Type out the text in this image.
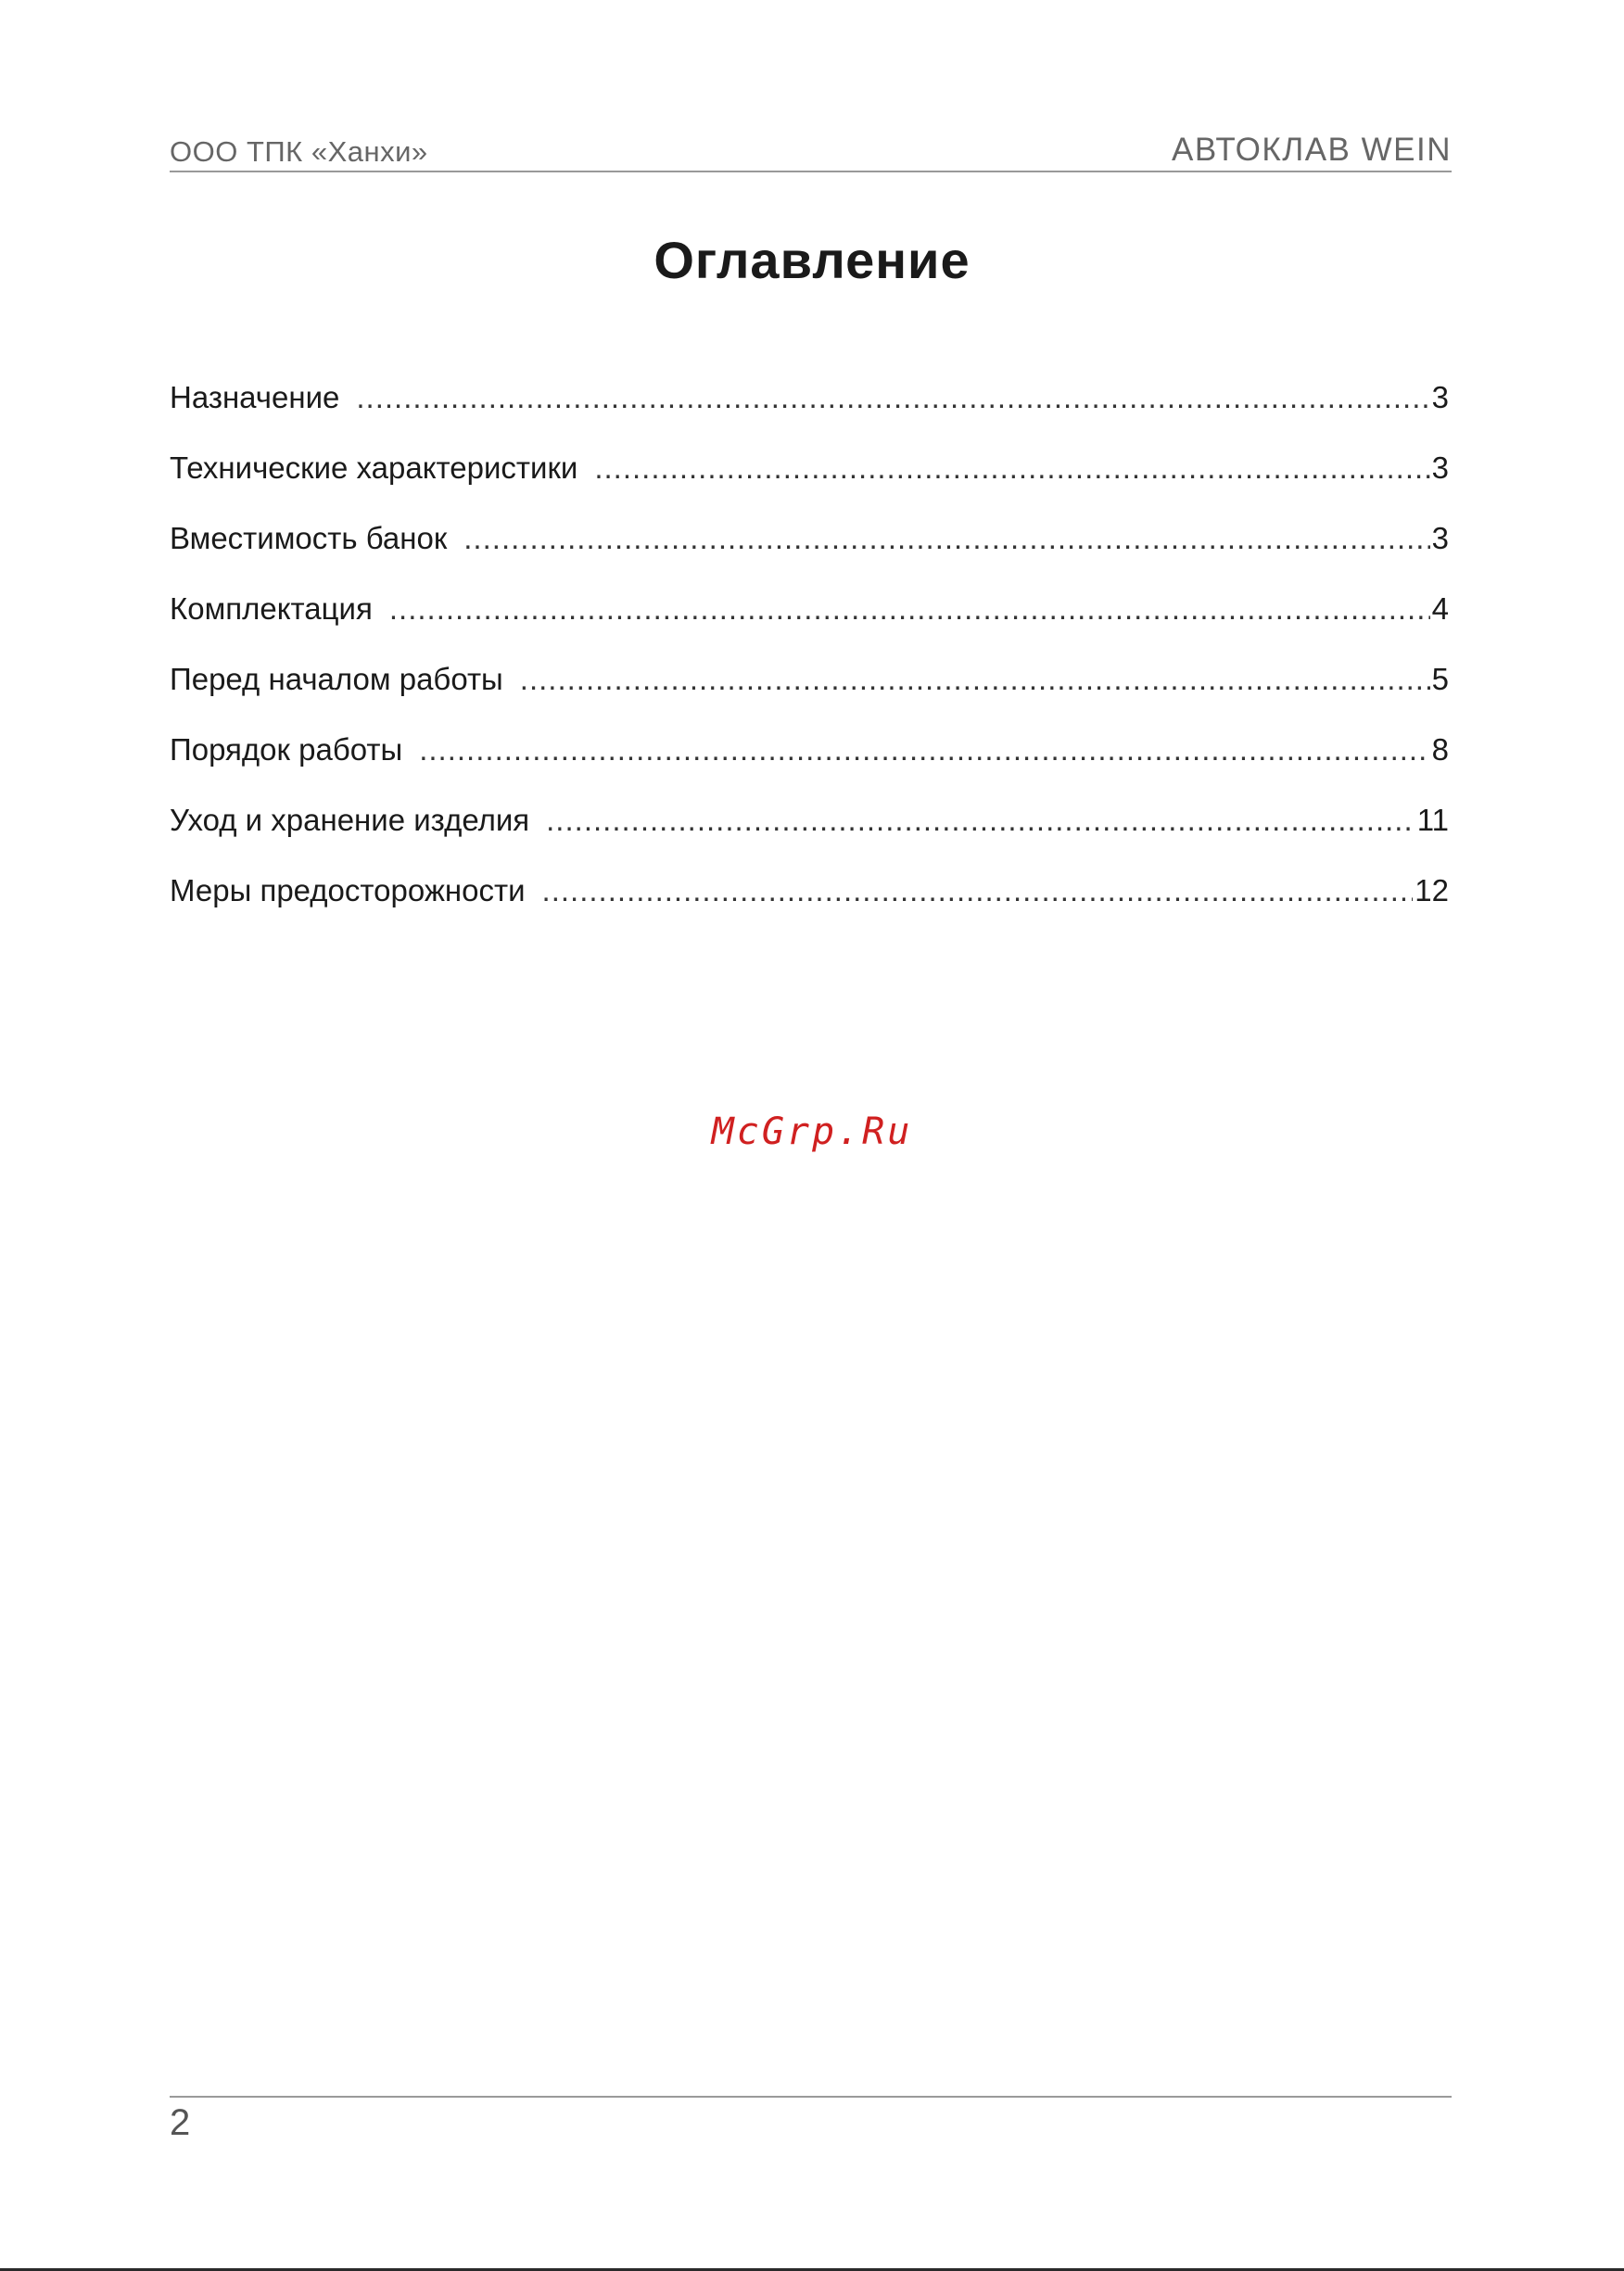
ООО ТПК «Ханхи»	АВТОКЛАВ WEIN
Оглавление
Назначение .....	3
Технические характеристики .....	3
Вместимость банок .....	3
Комплектация .....	4
Перед началом работы .....	5
Порядок работы .....	8
Уход и хранение изделия .....	11
Меры предосторожности .....	12
McGrp.Ru
2
